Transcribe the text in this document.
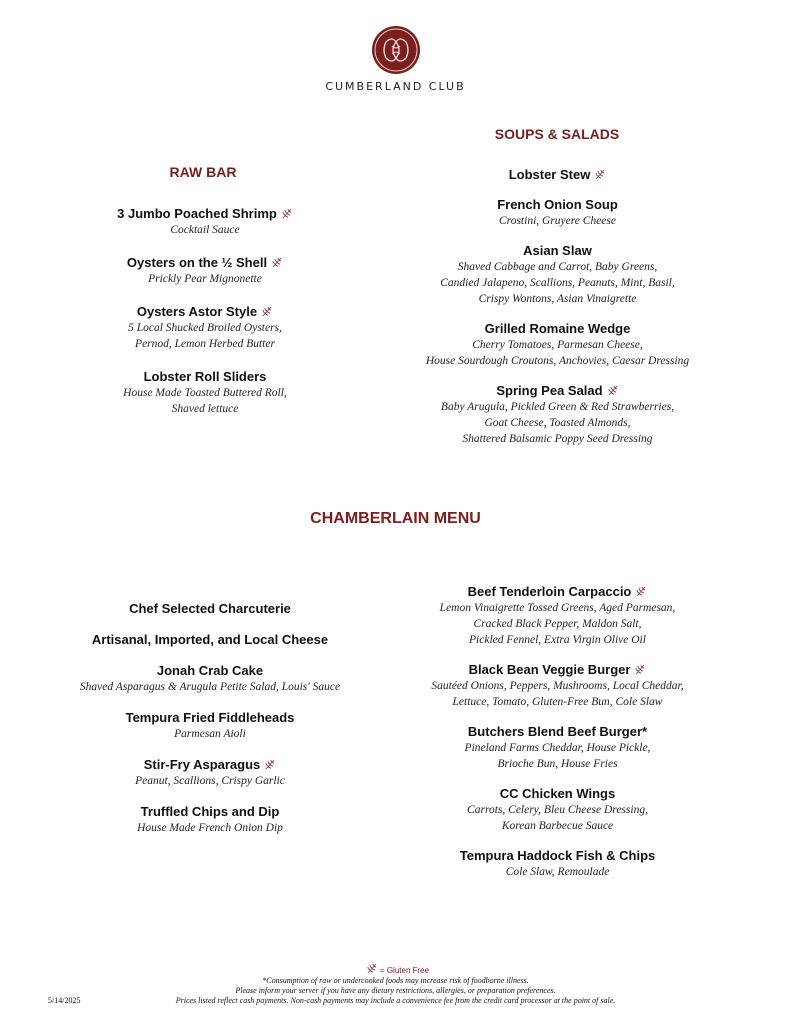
CUMBERLAND CLUB
RAW BAR
SOUPS & SALADS
CHAMBERLAIN MENU
3 Jumbo Poached Shrimp
Cocktail Sauce
Oysters on the ½ Shell
Prickly Pear Mignonette
Oysters Astor Style
5 Local Shucked Broiled Oysters,
Pernod, Lemon Herbed Butter
Lobster Roll Sliders
House Made Toasted Buttered Roll,
Shaved lettuce
Lobster Stew
French Onion Soup
Crostini, Gruyere Cheese
Asian Slaw
Shaved Cabbage and Carrot, Baby Greens,
Candied Jalapeno, Scallions, Peanuts, Mint, Basil,
Crispy Wontons, Asian Vinaigrette
Grilled Romaine Wedge
Cherry Tomatoes, Parmesan Cheese,
House Sourdough Croutons, Anchovies, Caesar Dressing
Spring Pea Salad
Baby Arugula, Pickled Green & Red Strawberries,
Goat Cheese, Toasted Almonds,
Shattered Balsamic Poppy Seed Dressing
Chef Selected Charcuterie
Artisanal, Imported, and Local Cheese
Jonah Crab Cake
Shaved Asparagus & Arugula Petite Salad, Louis' Sauce
Tempura Fried Fiddleheads
Parmesan Aioli
Stir-Fry Asparagus
Peanut, Scallions, Crispy Garlic
Truffled Chips and Dip
House Made French Onion Dip
Beef Tenderloin Carpaccio
Lemon Vinaigrette Tossed Greens, Aged Parmesan,
Cracked Black Pepper, Maldon Salt,
Pickled Fennel, Extra Virgin Olive Oil
Black Bean Veggie Burger
Sautéed Onions, Peppers, Mushrooms, Local Cheddar,
Lettuce, Tomato, Gluten-Free Bun, Cole Slaw
Butchers Blend Beef Burger*
Pineland Farms Cheddar, House Pickle,
Brioche Bun, House Fries
CC Chicken Wings
Carrots, Celery, Bleu Cheese Dressing,
Korean Barbecue Sauce
Tempura Haddock Fish & Chips
Cole Slaw, Remoulade
= Gluten Free
*Consumption of raw or undercooked foods may increase risk of foodborne illness.
Please inform your server if you have any dietary restrictions, allergies, or preparation preferences.
Prices listed reflect cash payments. Non-cash payments may include a convenience fee from the credit card processor at the point of sale.
5/14/2025
